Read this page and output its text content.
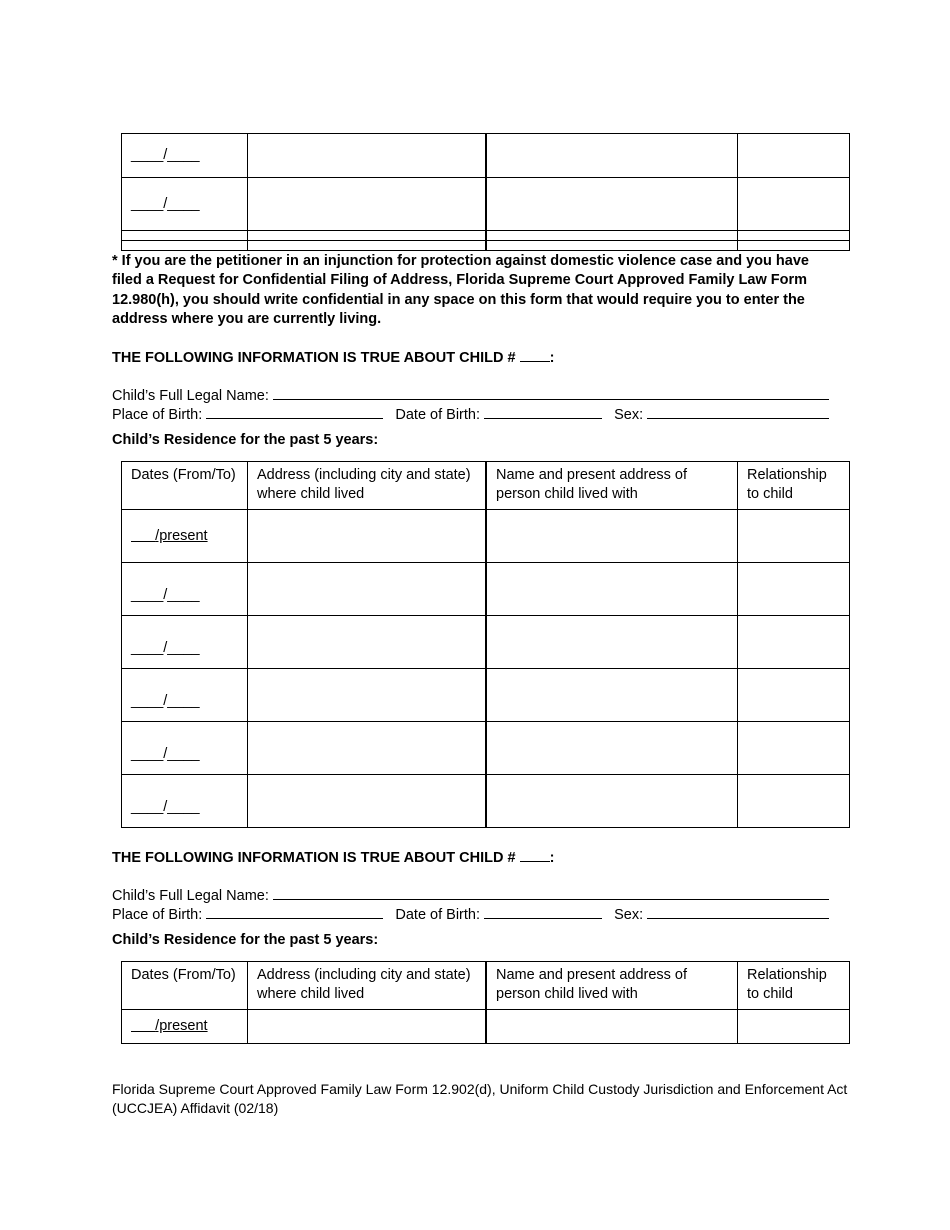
____/____			
____/____			

* If you are the petitioner in an injunction for protection against domestic violence case and you have filed a Request for Confidential Filing of Address, Florida Supreme Court Approved Family Law Form 12.980(h), you should write confidential in any space on this form that would require you to enter the address where you are currently living.
THE FOLLOWING INFORMATION IS TRUE ABOUT CHILD # :
Child’s Full Legal Name:
Place of Birth:	Date of Birth:	Sex:
Child’s Residence for the past 5 years:
Dates (From/To)	Address (including city and state) where child lived	Name and present address of person child lived with	Relationship to child
/present			
____/____			
____/____			
____/____			
____/____			
____/____			
THE FOLLOWING INFORMATION IS TRUE ABOUT CHILD # :
Child’s Full Legal Name:
Place of Birth:	Date of Birth:	Sex:
Child’s Residence for the past 5 years:
Dates (From/To)	Address (including city and state) where child lived	Name and present address of person child lived with	Relationship to child
/present			
Florida Supreme Court Approved Family Law Form 12.902(d), Uniform Child Custody Jurisdiction and Enforcement Act (UCCJEA) Affidavit (02/18)
